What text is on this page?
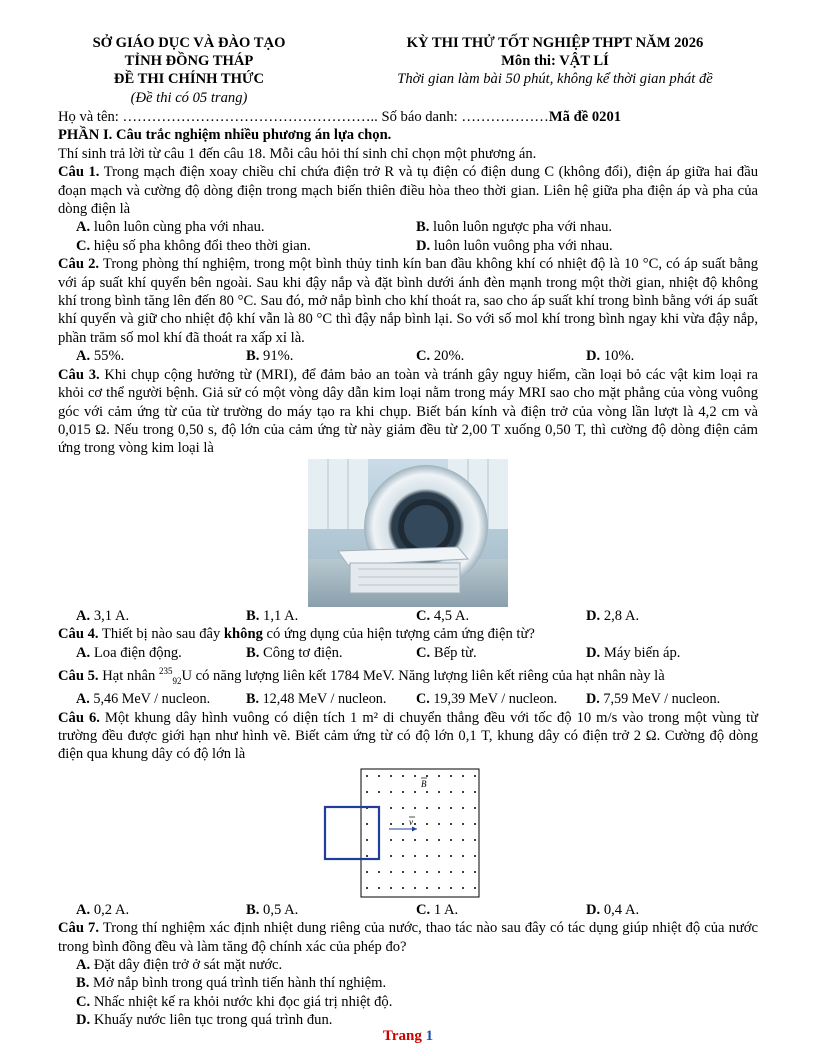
SỞ GIÁO DỤC VÀ ĐÀO TẠO
TỈNH ĐỒNG THÁP
ĐỀ THI CHÍNH THỨC
(Đề thi có 05 trang)
KỲ THI THỬ TỐT NGHIỆP THPT NĂM 2026
Môn thi: VẬT LÍ
Thời gian làm bài 50 phút, không kể thời gian phát đề

Họ và tên: …………………………………………….. Số báo danh: ………………Mã đề 0201

PHẦN I. Câu trắc nghiệm nhiều phương án lựa chọn.

Thí sinh trả lời từ câu 1 đến câu 18. Mỗi câu hỏi thí sinh chỉ chọn một phương án.

Câu 1. Trong mạch điện xoay chiều chỉ chứa điện trở R và tụ điện có điện dung C (không đổi), điện áp giữa hai đầu đoạn mạch và cường độ dòng điện trong mạch biến thiên điều hòa theo thời gian. Liên hệ giữa pha điện áp và pha của dòng điện là

A. luôn luôn cùng pha với nhau.	B. luôn luôn ngược pha với nhau.
C. hiệu số pha không đổi theo thời gian.	D. luôn luôn vuông pha với nhau.

Câu 2. Trong phòng thí nghiệm, trong một bình thủy tinh kín ban đầu không khí có nhiệt độ là 10 °C, có áp suất bằng với áp suất khí quyển bên ngoài. Sau khi đậy nắp và đặt bình dưới ánh đèn mạnh trong một thời gian, nhiệt độ không khí trong bình tăng lên đến 80 °C. Sau đó, mở nắp bình cho khí thoát ra, sao cho áp suất khí trong bình bằng với áp suất khí quyển và giữ cho nhiệt độ khí vẫn là 80 °C thì đậy nắp bình lại. So với số mol khí trong bình ngay khi vừa đậy nắp, phần trăm số mol khí đã thoát ra xấp xỉ là.

A. 55%.	B. 91%.	C. 20%.	D. 10%.

Câu 3. Khi chụp cộng hưởng từ (MRI), để đảm bảo an toàn và tránh gây nguy hiểm, cần loại bỏ các vật kim loại ra khỏi cơ thể người bệnh. Giả sử có một vòng dây dẫn kim loại nằm trong máy MRI sao cho mặt phẳng của vòng vuông góc với cảm ứng từ của từ trường do máy tạo ra khi chụp. Biết bán kính và điện trở của vòng lần lượt là 4,2 cm và 0,015 Ω. Nếu trong 0,50 s, độ lớn của cảm ứng từ này giảm đều từ 2,00 T xuống 0,50 T, thì cường độ dòng điện cảm ứng trong vòng kim loại là

A. 3,1 A.	B. 1,1 A.	C. 4,5 A.	D. 2,8 A.

Câu 4. Thiết bị nào sau đây không có ứng dụng của hiện tượng cảm ứng điện từ?

A. Loa điện động.	B. Công tơ điện.	C. Bếp từ.	D. Máy biến áp.

Câu 5. Hạt nhân $^{235}_{92}$U có năng lượng liên kết 1784 MeV. Năng lượng liên kết riêng của hạt nhân này là

A. 5,46 MeV / nucleon.	B. 12,48 MeV / nucleon.	C. 19,39 MeV / nucleon.	D. 7,59 MeV / nucleon.

Câu 6. Một khung dây hình vuông có diện tích 1 m² di chuyển thẳng đều với tốc độ 10 m/s vào trong một vùng từ trường đều được giới hạn như hình vẽ. Biết cảm ứng từ có độ lớn 0,1 T, khung dây có điện trở 2 Ω. Cường độ dòng điện qua khung dây có độ lớn là

v
B
A. 0,2 A.	B. 0,5 A.	C. 1 A.	D. 0,4 A.

Câu 7. Trong thí nghiệm xác định nhiệt dung riêng của nước, thao tác nào sau đây có tác dụng giúp nhiệt độ của nước trong bình đồng đều và làm tăng độ chính xác của phép đo?

A. Đặt dây điện trở ở sát mặt nước.
B. Mở nắp bình trong quá trình tiến hành thí nghiệm.
C. Nhấc nhiệt kế ra khỏi nước khi đọc giá trị nhiệt độ.
D. Khuấy nước liên tục trong quá trình đun.
Trang 1
